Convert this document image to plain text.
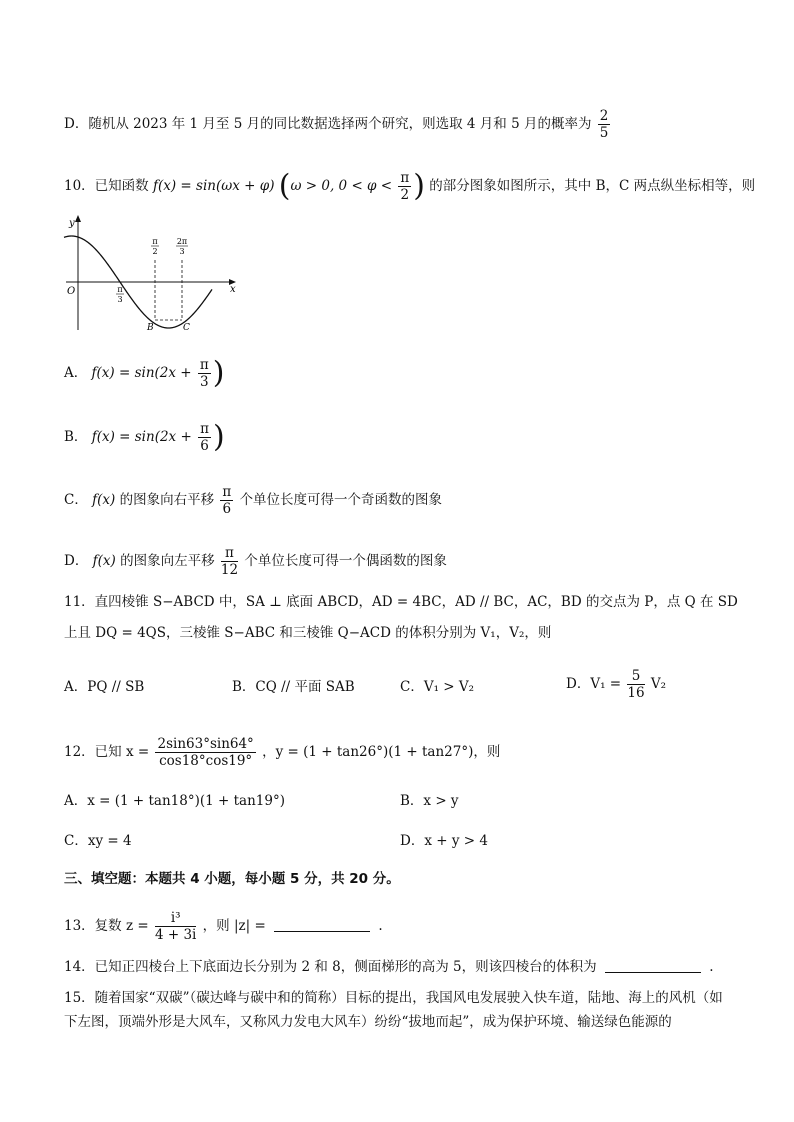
D．随机从 2023 年 1 月至 5 月的同比数据选择两个研究，则选取 4 月和 5 月的概率为 $\frac{2}{5}$
10．已知函数 f(x) = sin(ωx + φ) (ω > 0, $0 < \varphi < \frac{\pi}{2}$ ) 的部分图象如图所示，其中 B，C 两点纵坐标相等，则
y
x
O	π
3
π
2
2π
3
B	C
A． $f(x) = \sin(2x + \frac{\pi}{3}$ )
B． $f(x) = \sin(2x + \frac{\pi}{6}$ )
C． f(x) 的图象向右平移 $\frac{\pi}{6}$ 个单位长度可得一个奇函数的图象
D． f(x) 的图象向左平移 $\frac{\pi}{12}$ 个单位长度可得一个偶函数的图象
11．直四棱锥 S−ABCD 中，SA ⊥ 底面 ABCD，AD = 4BC，AD // BC，AC，BD 的交点为 P，点 Q 在 SD
上且 DQ = 4QS，三棱锥 S−ABC 和三棱锥 Q−ACD 的体积分别为 V₁，V₂，则
A．PQ // SB	B．CQ // 平面 SAB	C．V₁ > V₂	D．$V_1 = \frac{5}{16} V_2$
12．已知 $x = \frac{2\sin 63^\circ\sin 64^\circ}{\cos 18^\circ\cos 19^\circ}$ ，y = (1 + tan26°)(1 + tan27°)，则
A．x = (1 + tan18°)(1 + tan19°)	B．x > y
C．xy = 4	D．x + y > 4
三、填空题：本题共 4 小题，每小题 5 分，共 20 分。
13．复数 $z = \frac{\text{i³}}{4 + 3i}$ ，则 |z| =	.
14．已知正四棱台上下底面边长分别为 2 和 8，侧面梯形的高为 5，则该四棱台的体积为	.
15．随着国家“双碳”（碳达峰与碳中和的简称）目标的提出，我国风电发展驶入快车道，陆地、海上的风机（如下左图，顶端外形是大风车，又称风力发电大风车）纷纷“拔地而起”，成为保护环境、输送绿色能源的
